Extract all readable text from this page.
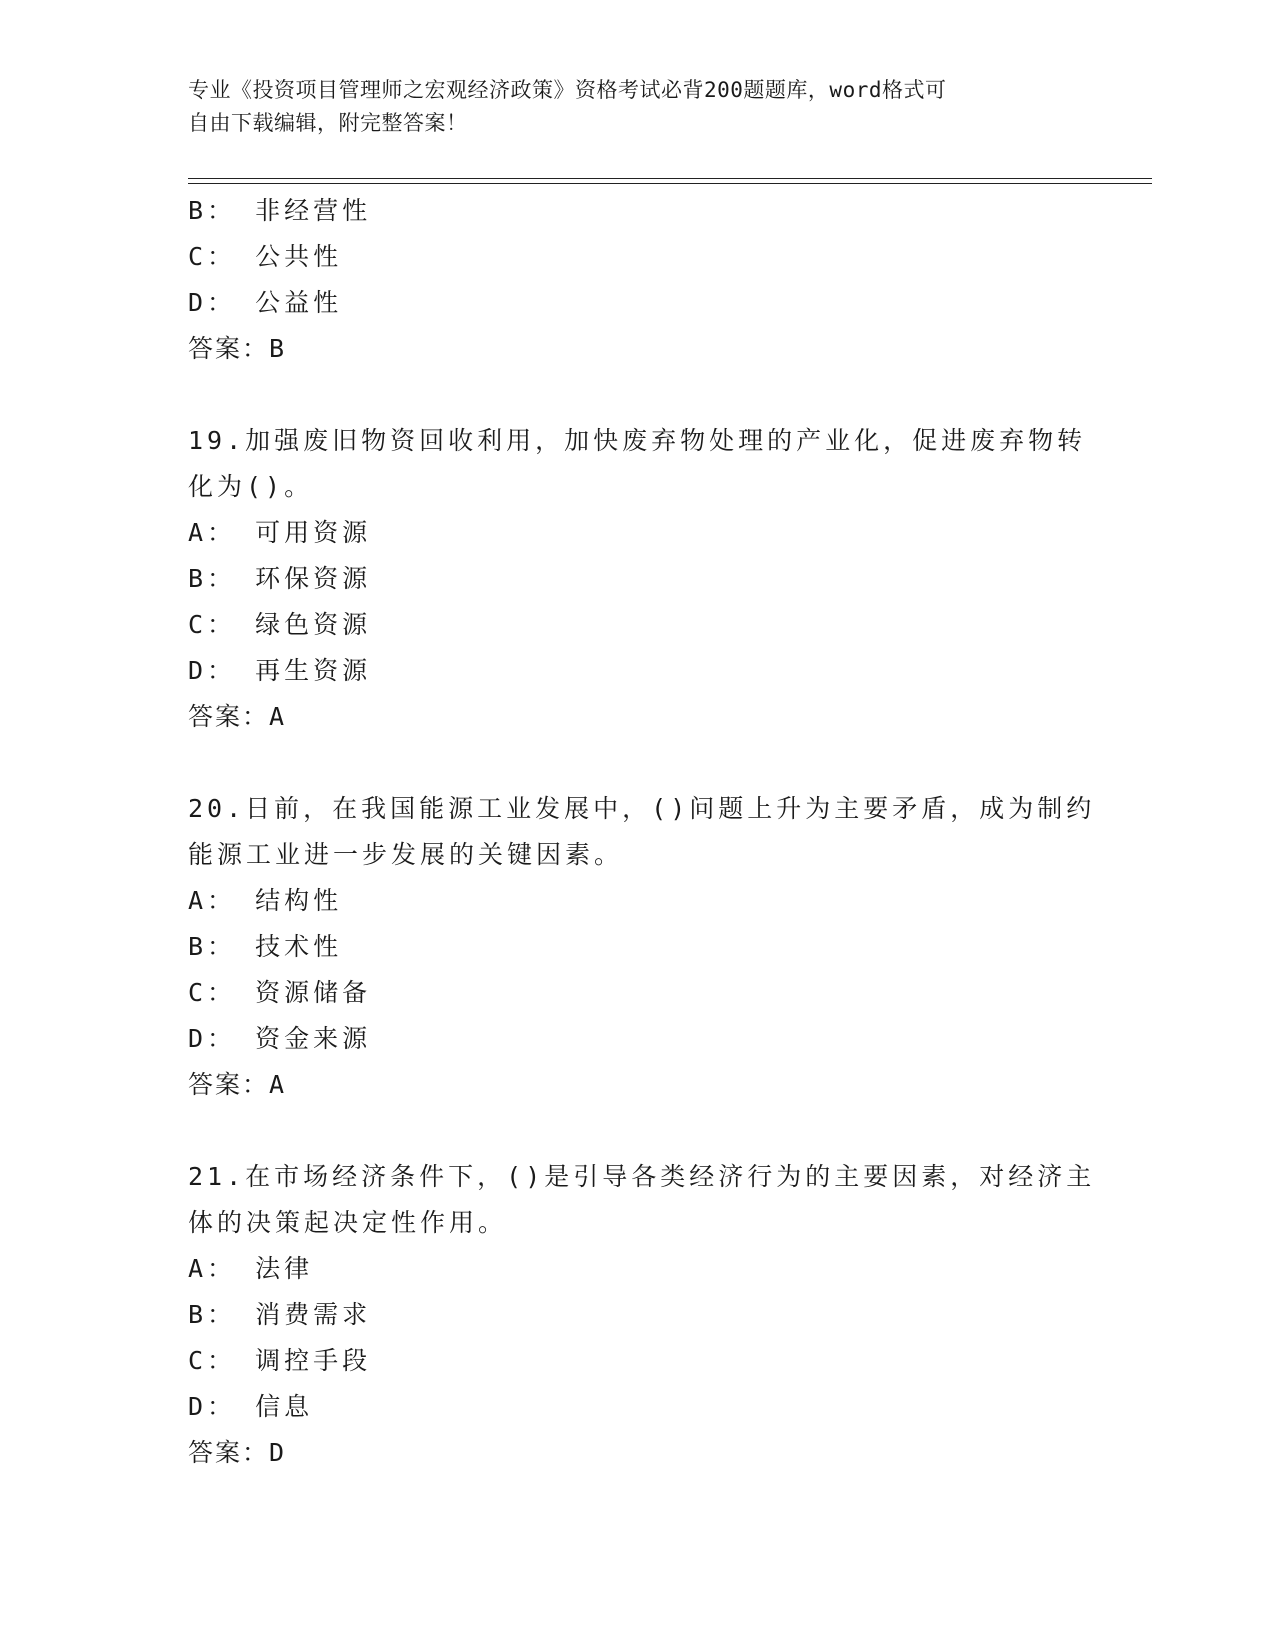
专业《投资项目管理师之宏观经济政策》资格考试必背200题题库，word格式可
自由下载编辑，附完整答案！
B： 非经营性
C： 公共性
D： 公益性
答案：B
19.加强废旧物资回收利用，加快废弃物处理的产业化，促进废弃物转
化为()。
A： 可用资源
B： 环保资源
C： 绿色资源
D： 再生资源
答案：A
20.日前，在我国能源工业发展中，()问题上升为主要矛盾，成为制约
能源工业进一步发展的关键因素。
A： 结构性
B： 技术性
C： 资源储备
D： 资金来源
答案：A
21.在市场经济条件下，()是引导各类经济行为的主要因素，对经济主
体的决策起决定性作用。
A： 法律
B： 消费需求
C： 调控手段
D： 信息
答案：D
